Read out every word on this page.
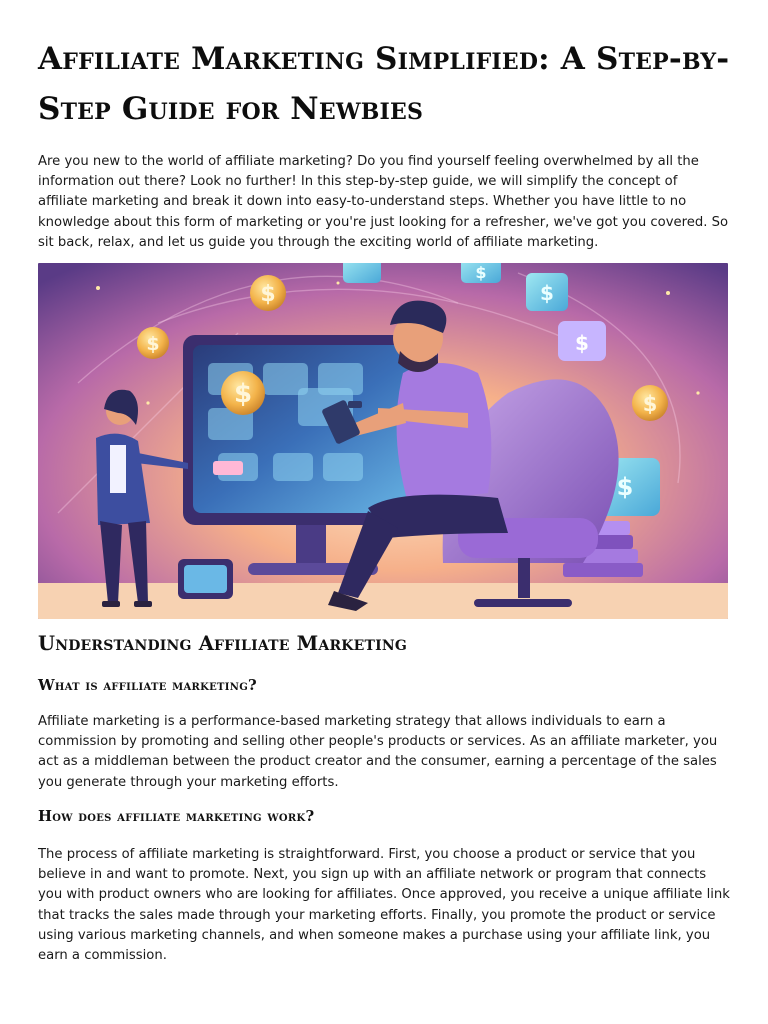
Affiliate Marketing Simplified: A Step-by-Step Guide for Newbies

Are you new to the world of affiliate marketing? Do you find yourself feeling overwhelmed by all the information out there? Look no further! In this step-by-step guide, we will simplify the concept of affiliate marketing and break it down into easy-to-understand steps. Whether you have little to no knowledge about this form of marketing or you're just looking for a refresher, we've got you covered. So sit back, relax, and let us guide you through the exciting world of affiliate marketing.

$
$
$	$
$
$
$
$
Understanding Affiliate Marketing
What is affiliate marketing?

Affiliate marketing is a performance-based marketing strategy that allows individuals to earn a commission by promoting and selling other people's products or services. As an affiliate marketer, you act as a middleman between the product creator and the consumer, earning a percentage of the sales you generate through your marketing efforts.

How does affiliate marketing work?

The process of affiliate marketing is straightforward. First, you choose a product or service that you believe in and want to promote. Next, you sign up with an affiliate network or program that connects you with product owners who are looking for affiliates. Once approved, you receive a unique affiliate link that tracks the sales made through your marketing efforts. Finally, you promote the product or service using various marketing channels, and when someone makes a purchase using your affiliate link, you earn a commission.
